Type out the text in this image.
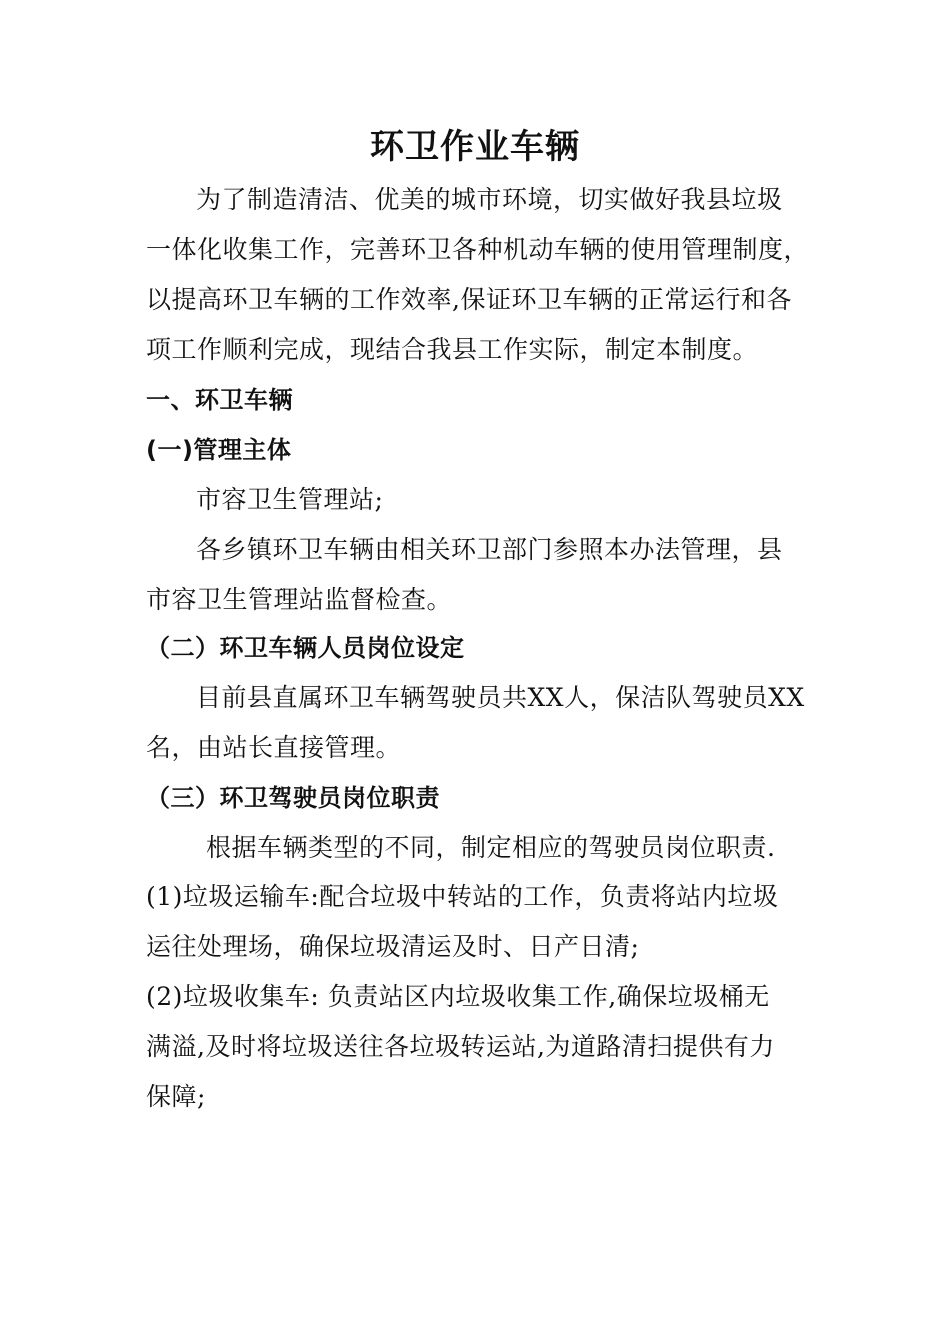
环卫作业车辆
为了制造清洁、优美的城市环境，切实做好我县垃圾
一体化收集工作，完善环卫各种机动车辆的使用管理制度，
以提高环卫车辆的工作效率,保证环卫车辆的正常运行和各
项工作顺利完成，现结合我县工作实际，制定本制度。
一、环卫车辆
(一)管理主体
市容卫生管理站;
各乡镇环卫车辆由相关环卫部门参照本办法管理，县
市容卫生管理站监督检查。
（二）环卫车辆人员岗位设定
目前县直属环卫车辆驾驶员共XX人，保洁队驾驶员XX
名，由站长直接管理。
（三）环卫驾驶员岗位职责
根据车辆类型的不同，制定相应的驾驶员岗位职责.
(1)垃圾运输车:配合垃圾中转站的工作，负责将站内垃圾
运往处理场，确保垃圾清运及时、日产日清;
(2)垃圾收集车: 负责站区内垃圾收集工作,确保垃圾桶无
满溢,及时将垃圾送往各垃圾转运站,为道路清扫提供有力
保障;
